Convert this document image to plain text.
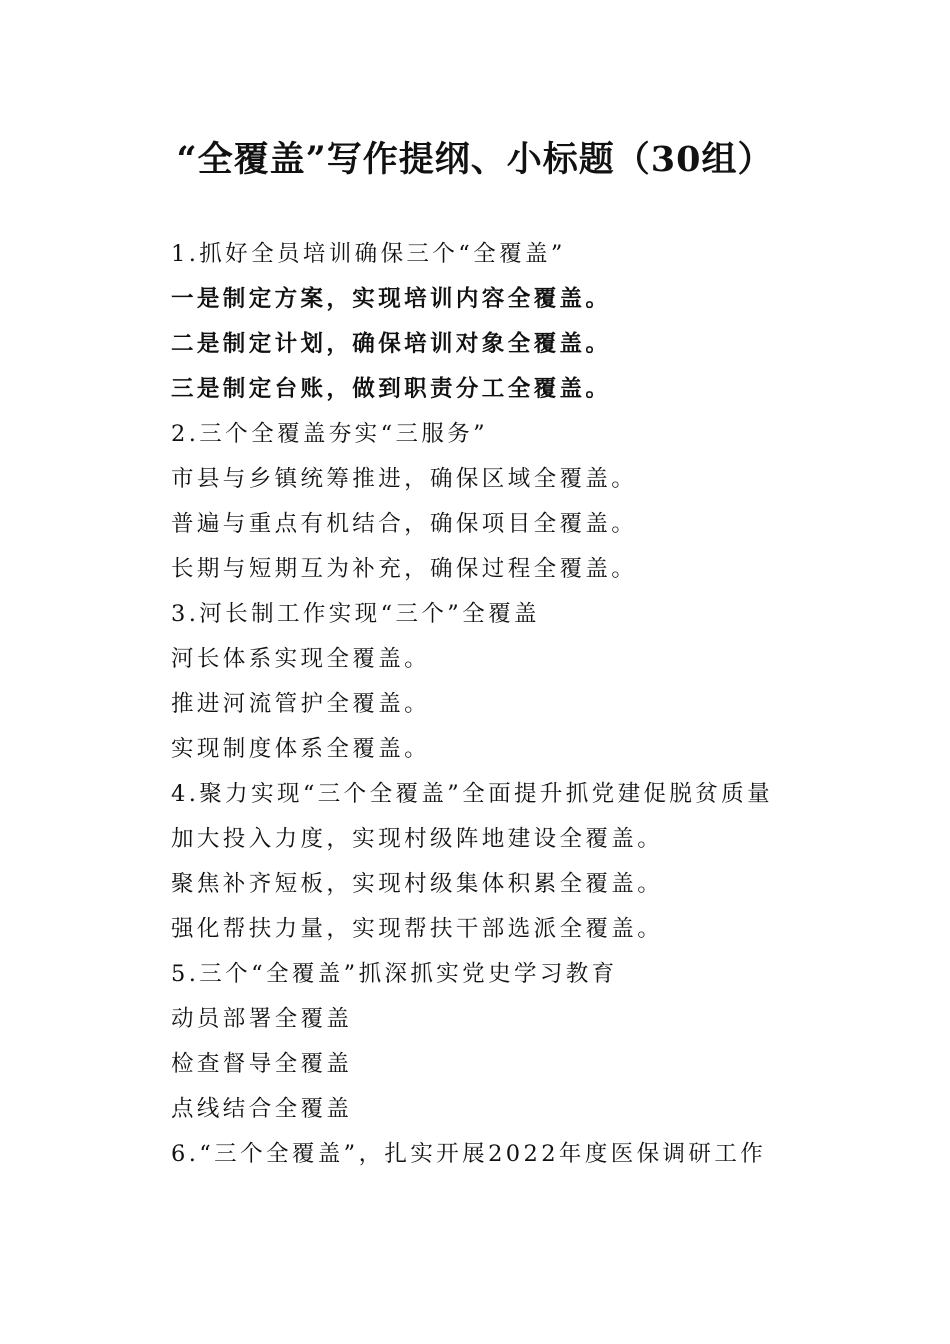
“全覆盖”写作提纲、小标题（30组）
1.抓好全员培训确保三个“全覆盖”
一是制定方案，实现培训内容全覆盖。
二是制定计划，确保培训对象全覆盖。
三是制定台账，做到职责分工全覆盖。
2.三个全覆盖夯实“三服务”
市县与乡镇统筹推进，确保区域全覆盖。
普遍与重点有机结合，确保项目全覆盖。
长期与短期互为补充，确保过程全覆盖。
3.河长制工作实现“三个”全覆盖
河长体系实现全覆盖。
推进河流管护全覆盖。
实现制度体系全覆盖。
4.聚力实现“三个全覆盖”全面提升抓党建促脱贫质量
加大投入力度，实现村级阵地建设全覆盖。
聚焦补齐短板，实现村级集体积累全覆盖。
强化帮扶力量，实现帮扶干部选派全覆盖。
5.三个“全覆盖”抓深抓实党史学习教育
动员部署全覆盖
检查督导全覆盖
点线结合全覆盖
6.“三个全覆盖”，扎实开展2022年度医保调研工作
